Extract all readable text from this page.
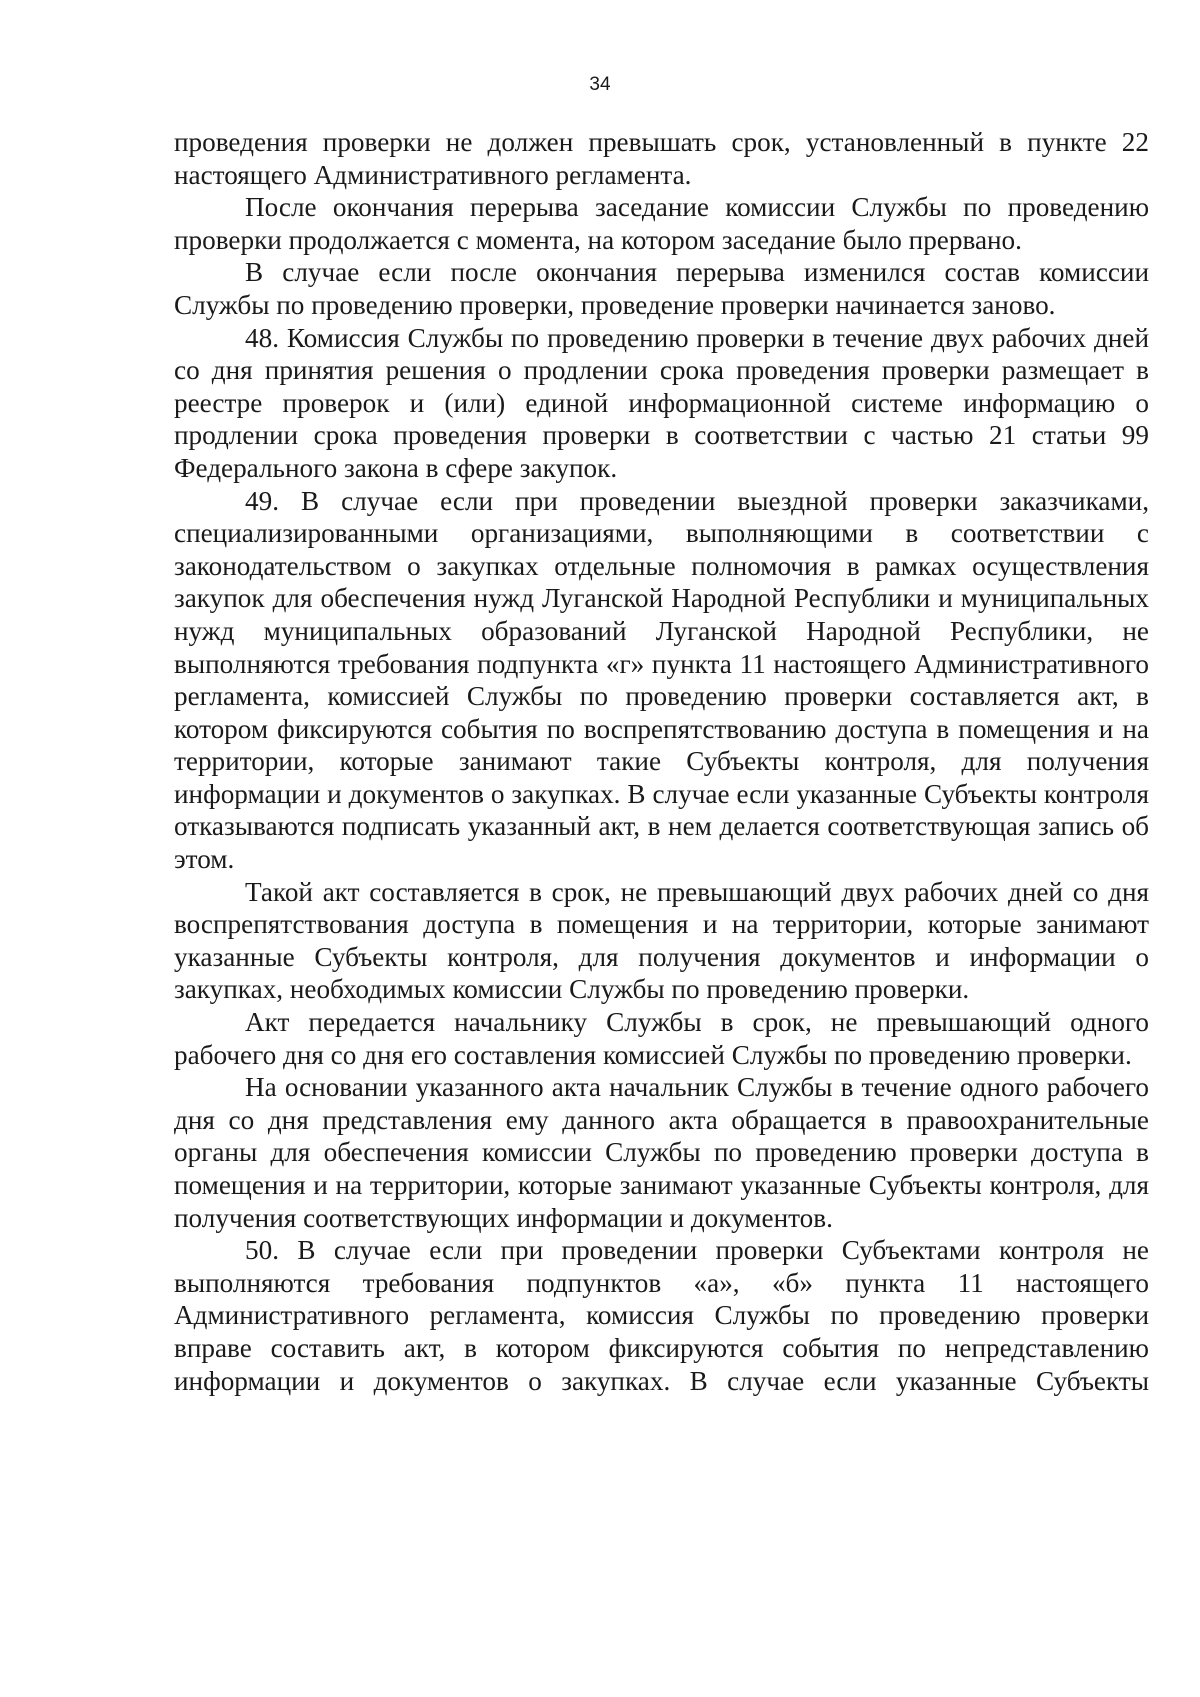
34

проведения проверки не должен превышать срок, установленный в пункте 22 настоящего Административного регламента.

После окончания перерыва заседание комиссии Службы по проведению проверки продолжается с момента, на котором заседание было прервано.

В случае если после окончания перерыва изменился состав комиссии Службы по проведению проверки, проведение проверки начинается заново.

48. Комиссия Службы по проведению проверки в течение двух рабочих дней со дня принятия решения о продлении срока проведения проверки размещает в реестре проверок и (или) единой информационной системе информацию о продлении срока проведения проверки в соответствии с частью 21 статьи 99 Федерального закона в сфере закупок.

49. В случае если при проведении выездной проверки заказчиками, специализированными организациями, выполняющими в соответствии с законодательством о закупках отдельные полномочия в рамках осуществления закупок для обеспечения нужд Луганской Народной Республики и муниципальных нужд муниципальных образований Луганской Народной Республики, не выполняются требования подпункта «г» пункта 11 настоящего Административного регламента, комиссией Службы по проведению проверки составляется акт, в котором фиксируются события по воспрепятствованию доступа в помещения и на территории, которые занимают такие Субъекты контроля, для получения информации и документов о закупках. В случае если указанные Субъекты контроля отказываются подписать указанный акт, в нем делается соответствующая запись об этом.

Такой акт составляется в срок, не превышающий двух рабочих дней со дня воспрепятствования доступа в помещения и на территории, которые занимают указанные Субъекты контроля, для получения документов и информации о закупках, необходимых комиссии Службы по проведению проверки.

Акт передается начальнику Службы в срок, не превышающий одного рабочего дня со дня его составления комиссией Службы по проведению проверки.

На основании указанного акта начальник Службы в течение одного рабочего дня со дня представления ему данного акта обращается в правоохранительные органы для обеспечения комиссии Службы по проведению проверки доступа в помещения и на территории, которые занимают указанные Субъекты контроля, для получения соответствующих информации и документов.

50. В случае если при проведении проверки Субъектами контроля не выполняются требования подпунктов «а», «б» пункта 11 настоящего Административного регламента, комиссия Службы по проведению проверки вправе составить акт, в котором фиксируются события по непредставлению информации и документов о закупках. В случае если указанные Субъекты
